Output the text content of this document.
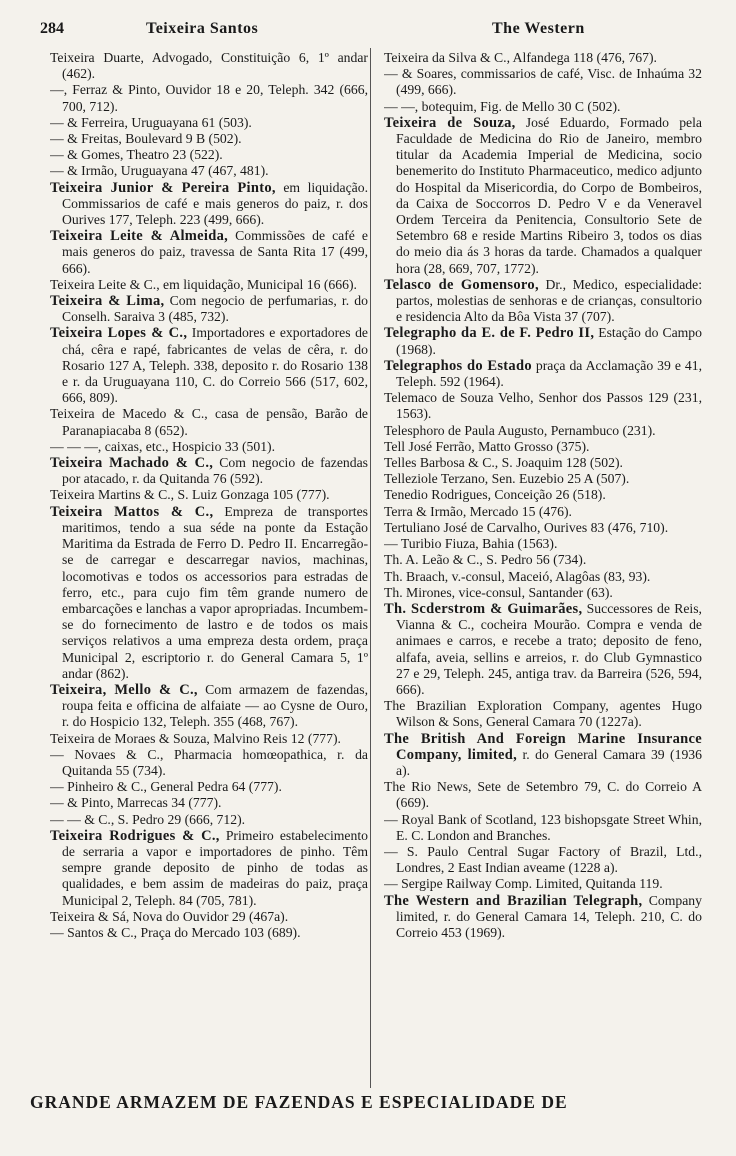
284	Teixeira Santos	The Western

Teixeira Duarte, Advogado, Constituição 6, 1º andar (462).

—, Ferraz & Pinto, Ouvidor 18 e 20, Teleph. 342 (666, 700, 712).

— & Ferreira, Uruguayana 61 (503).

— & Freitas, Boulevard 9 B (502).

— & Gomes, Theatro 23 (522).

— & Irmão, Uruguayana 47 (467, 481).

Teixeira Junior & Pereira Pinto, em liquidação. Commissarios de café e mais generos do paiz, r. dos Ourives 177, Teleph. 223 (499, 666).

Teixeira Leite & Almeida, Commissões de café e mais generos do paiz, travessa de Santa Rita 17 (499, 666).

Teixeira Leite & C., em liquidação, Municipal 16 (666).

Teixeira & Lima, Com negocio de perfumarias, r. do Conselh. Saraiva 3 (485, 732).

Teixeira Lopes & C., Importadores e exportadores de chá, cêra e rapé, fabricantes de velas de cêra, r. do Rosario 127 A, Teleph. 338, deposito r. do Rosario 138 e r. da Uruguayana 110, C. do Correio 566 (517, 602, 666, 809).

Teixeira de Macedo & C., casa de pensão, Barão de Paranapiacaba 8 (652).

— — —, caixas, etc., Hospicio 33 (501).

Teixeira Machado & C., Com negocio de fazendas por atacado, r. da Quitanda 76 (592).

Teixeira Martins & C., S. Luiz Gonzaga 105 (777).

Teixeira Mattos & C., Empreza de transportes maritimos, tendo a sua séde na ponte da Estação Maritima da Estrada de Ferro D. Pedro II. Encarregão-se de carregar e descarregar navios, machinas, locomotivas e todos os accessorios para estradas de ferro, etc., para cujo fim têm grande numero de embarcações e lanchas a vapor apropriadas. Incumbem-se do fornecimento de lastro e de todos os mais serviços relativos a uma empreza desta ordem, praça Municipal 2, escriptorio r. do General Camara 5, 1º andar (862).

Teixeira, Mello & C., Com armazem de fazendas, roupa feita e officina de alfaiate — ao Cysne de Ouro, r. do Hospicio 132, Teleph. 355 (468, 767).

Teixeira de Moraes & Souza, Malvino Reis 12 (777).

— Novaes & C., Pharmacia homœopathica, r. da Quitanda 55 (734).

— Pinheiro & C., General Pedra 64 (777).

— & Pinto, Marrecas 34 (777).

— — & C., S. Pedro 29 (666, 712).

Teixeira Rodrigues & C., Primeiro estabelecimento de serraria a vapor e importadores de pinho. Têm sempre grande deposito de pinho de todas as qualidades, e bem assim de madeiras do paiz, praça Municipal 2, Teleph. 84 (705, 781).

Teixeira & Sá, Nova do Ouvidor 29 (467a).

— Santos & C., Praça do Mercado 103 (689).

Teixeira da Silva & C., Alfandega 118 (476, 767).

— & Soares, commissarios de café, Visc. de Inhaúma 32 (499, 666).

— —, botequim, Fig. de Mello 30 C (502).

Teixeira de Souza, José Eduardo, Formado pela Faculdade de Medicina do Rio de Janeiro, membro titular da Academia Imperial de Medicina, socio benemerito do Instituto Pharmaceutico, medico adjunto do Hospital da Misericordia, do Corpo de Bombeiros, da Caixa de Soccorros D. Pedro V e da Veneravel Ordem Terceira da Penitencia, Consultorio Sete de Setembro 68 e reside Martins Ribeiro 3, todos os dias do meio dia ás 3 horas da tarde. Chamados a qualquer hora (28, 669, 707, 1772).

Telasco de Gomensoro, Dr., Medico, especialidade: partos, molestias de senhoras e de crianças, consultorio e residencia Alto da Bôa Vista 37 (707).

Telegrapho da E. de F. Pedro II, Estação do Campo (1968).

Telegraphos do Estado praça da Acclamação 39 e 41, Teleph. 592 (1964).

Telemaco de Souza Velho, Senhor dos Passos 129 (231, 1563).

Telesphoro de Paula Augusto, Pernambuco (231).

Tell José Ferrão, Matto Grosso (375).

Telles Barbosa & C., S. Joaquim 128 (502).

Telleziole Terzano, Sen. Euzebio 25 A (507).

Tenedio Rodrigues, Conceição 26 (518).

Terra & Irmão, Mercado 15 (476).

Tertuliano José de Carvalho, Ourives 83 (476, 710).

— Turibio Fiuza, Bahia (1563).

Th. A. Leão & C., S. Pedro 56 (734).

Th. Braach, v.-consul, Maceió, Alagôas (83, 93).

Th. Mirones, vice-consul, Santander (63).

Th. Scderstrom & Guimarães, Successores de Reis, Vianna & C., cocheira Mourão. Compra e venda de animaes e carros, e recebe a trato; deposito de feno, alfafa, aveia, sellins e arreios, r. do Club Gymnastico 27 e 29, Teleph. 245, antiga trav. da Barreira (526, 594, 666).

The Brazilian Exploration Company, agentes Hugo Wilson & Sons, General Camara 70 (1227a).

The British And Foreign Marine Insurance Company, limited, r. do General Camara 39 (1936 a).

The Rio News, Sete de Setembro 79, C. do Correio A (669).

— Royal Bank of Scotland, 123 bishopsgate Street Whin, E. C. London and Branches.

— S. Paulo Central Sugar Factory of Brazil, Ltd., Londres, 2 East Indian aveame (1228 a).

— Sergipe Railway Comp. Limited, Quitanda 119.

The Western and Brazilian Telegraph, Company limited, r. do General Camara 14, Teleph. 210, C. do Correio 453 (1969).

GRANDE ARMAZEM DE FAZENDAS E ESPECIALIDADE DE
